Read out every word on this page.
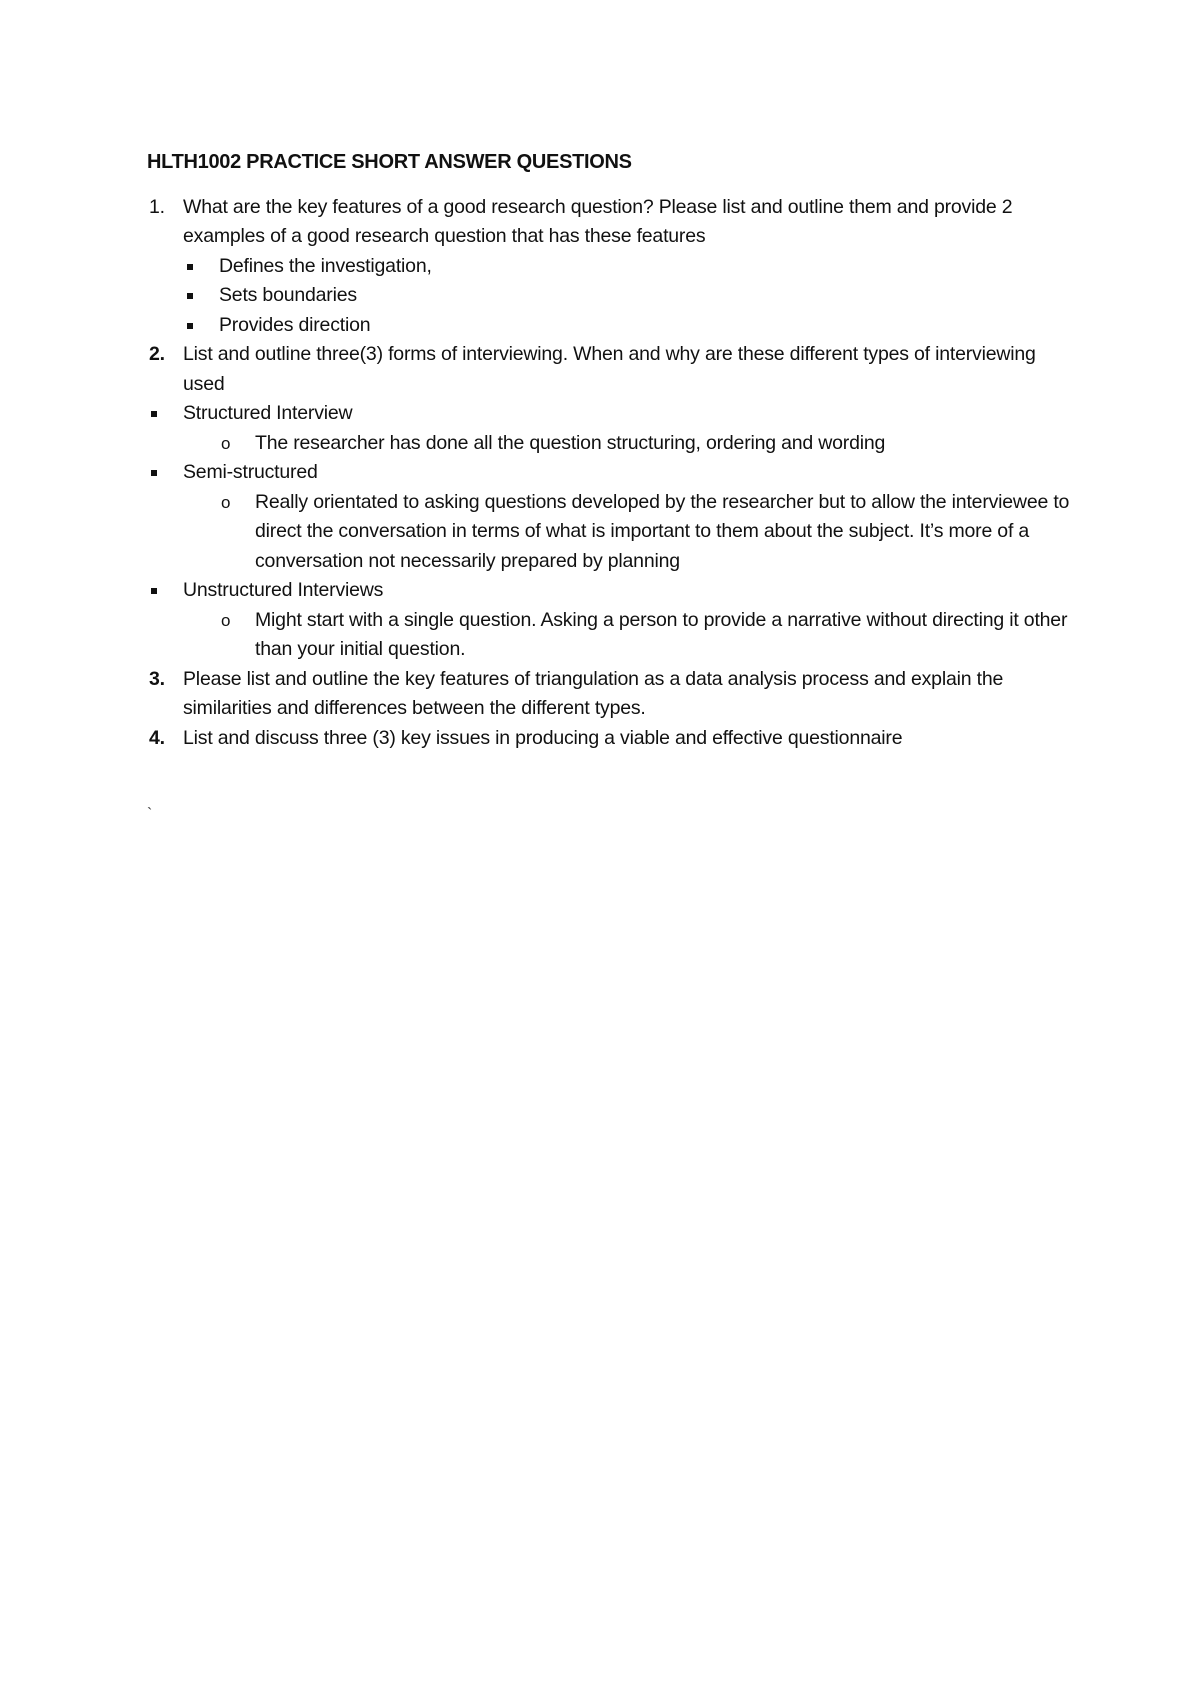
HLTH1002 PRACTICE SHORT ANSWER QUESTIONS
1. What are the key features of a good research question? Please list and outline them and provide 2 examples of a good research question that has these features
Defines the investigation,
Sets boundaries
Provides direction
2. List and outline three(3) forms of interviewing. When and why are these different types of interviewing used
Structured Interview
o The researcher has done all the question structuring, ordering and wording
Semi-structured
o Really orientated to asking questions developed by the researcher but to allow the interviewee to direct the conversation in terms of what is important to them about the subject. It’s more of a conversation not necessarily prepared by planning
Unstructured Interviews
o Might start with a single question. Asking a person to provide a narrative without directing it other than your initial question.
3. Please list and outline the key features of triangulation as a data analysis process and explain the similarities and differences between the different types.
4. List and discuss three (3) key issues in producing a viable and effective questionnaire
`
